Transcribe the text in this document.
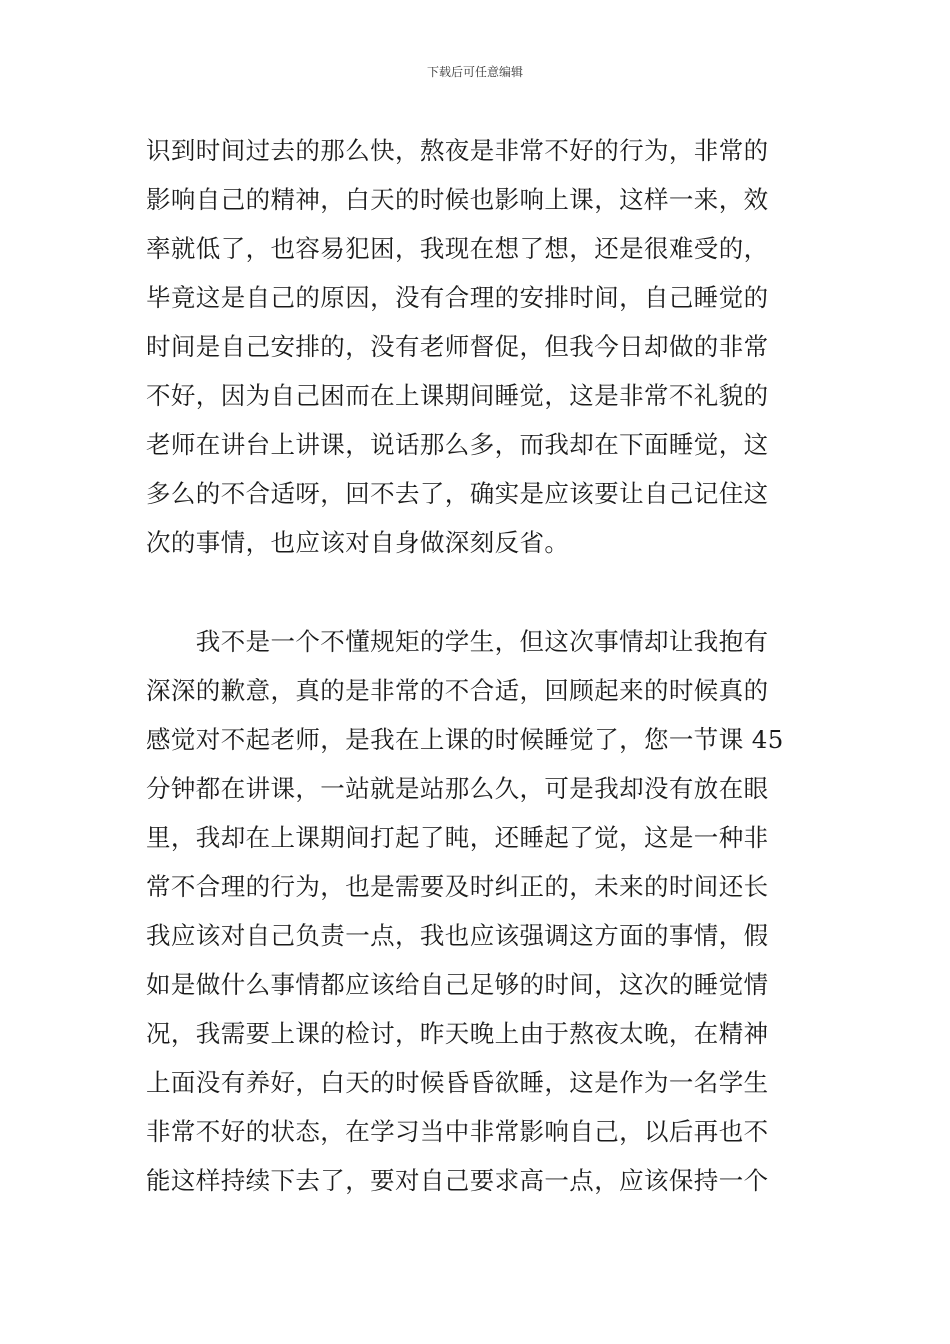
下载后可任意编辑
识到时间过去的那么快，熬夜是非常不好的行为，非常的
影响自己的精神，白天的时候也影响上课，这样一来，效
率就低了，也容易犯困，我现在想了想，还是很难受的，
毕竟这是自己的原因，没有合理的安排时间，自己睡觉的
时间是自己安排的，没有老师督促，但我今日却做的非常
不好，因为自己困而在上课期间睡觉，这是非常不礼貌的
老师在讲台上讲课，说话那么多，而我却在下面睡觉，这
多么的不合适呀，回不去了，确实是应该要让自己记住这
次的事情，也应该对自身做深刻反省。
　　我不是一个不懂规矩的学生，但这次事情却让我抱有
深深的歉意，真的是非常的不合适，回顾起来的时候真的
感觉对不起老师，是我在上课的时候睡觉了，您一节课 45
分钟都在讲课，一站就是站那么久，可是我却没有放在眼
里，我却在上课期间打起了盹，还睡起了觉，这是一种非
常不合理的行为，也是需要及时纠正的，未来的时间还长
我应该对自己负责一点，我也应该强调这方面的事情，假
如是做什么事情都应该给自己足够的时间，这次的睡觉情
况，我需要上课的检讨，昨天晚上由于熬夜太晚，在精神
上面没有养好，白天的时候昏昏欲睡，这是作为一名学生
非常不好的状态，在学习当中非常影响自己，以后再也不
能这样持续下去了，要对自己要求高一点，应该保持一个
